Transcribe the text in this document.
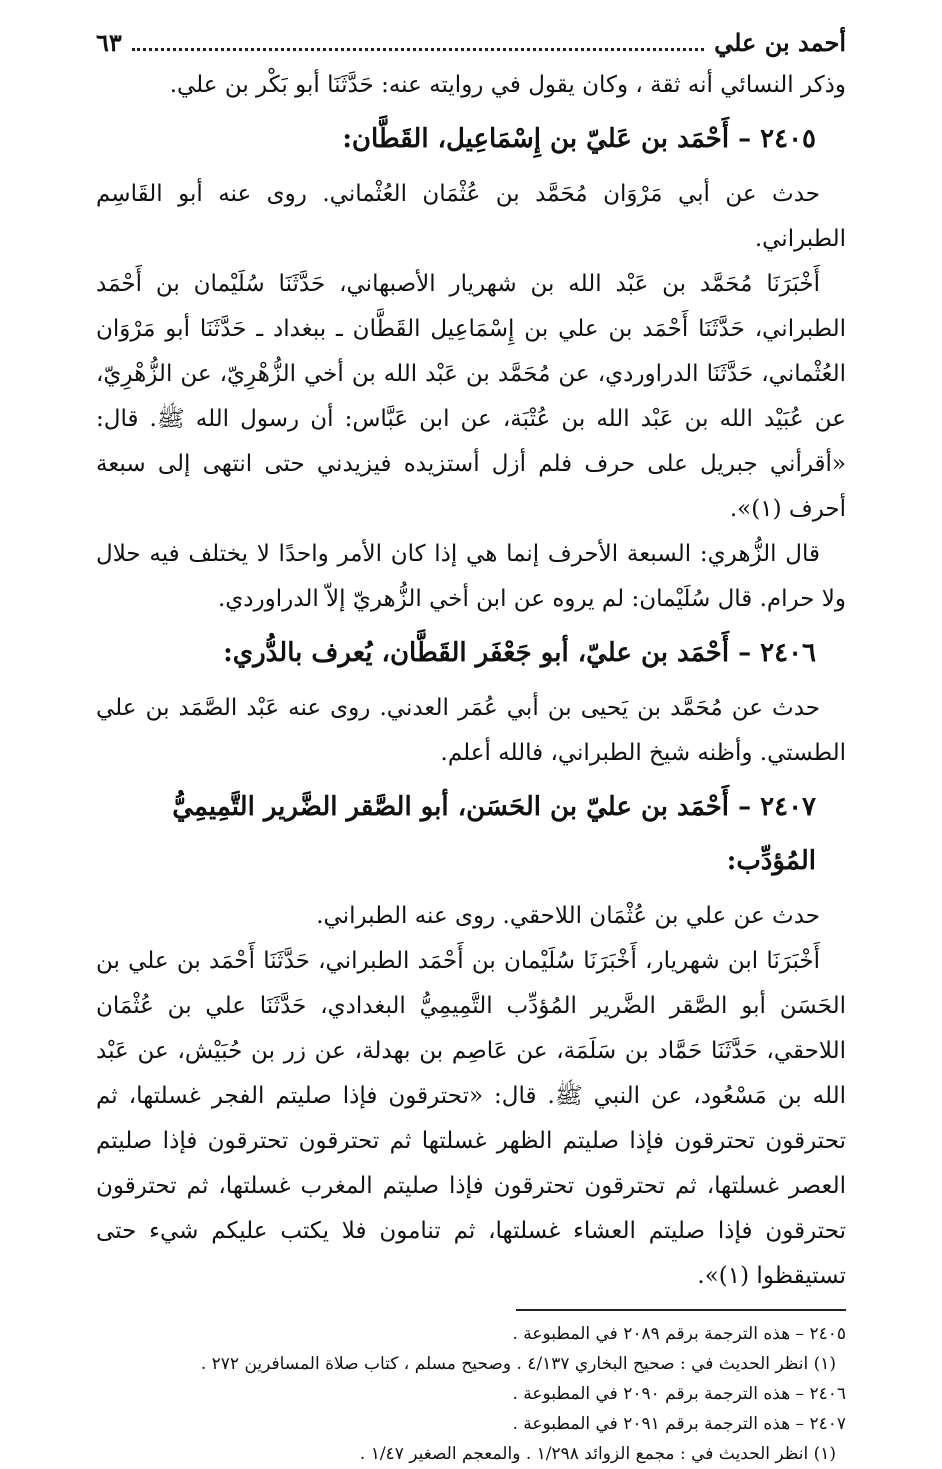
أحمد بن علي
٦٣

وذكر النسائي أنه ثقة ، وكان يقول في روايته عنه: حَدَّثَنَا أبو بَكْر بن علي.

٢٤٠٥ – أَحْمَد بن عَليّ بن إِسْمَاعِيل، القَطَّان:

حدث عن أبي مَرْوَان مُحَمَّد بن عُثْمَان العُثْماني. روى عنه أبو القَاسِم الطبراني.

أَخْبَرَنَا مُحَمَّد بن عَبْد الله بن شهريار الأصبهاني، حَدَّثَنَا سُلَيْمان بن أَحْمَد الطبراني، حَدَّثَنَا أَحْمَد بن علي بن إِسْمَاعِيل القَطَّان ـ ببغداد ـ حَدَّثَنَا أبو مَرْوَان العُثْماني، حَدَّثَنَا الدراوردي، عن مُحَمَّد بن عَبْد الله بن أخي الزُّهْرِيّ، عن الزُّهْرِيّ، عن عُبَيْد الله بن عَبْد الله بن عُتْبَة، عن ابن عَبَّاس: أن رسول الله ﷺ. قال: «أقرأني جبريل على حرف فلم أزل أستزيده فيزيدني حتى انتهى إلى سبعة أحرف (١)».

قال الزُّهري: السبعة الأحرف إنما هي إذا كان الأمر واحدًا لا يختلف فيه حلال ولا حرام. قال سُلَيْمان: لم يروه عن ابن أخي الزُّهريّ إلاّ الدراوردي.

٢٤٠٦ – أَحْمَد بن عليّ، أبو جَعْفَر القَطَّان، يُعرف بالدُّري:

حدث عن مُحَمَّد بن يَحيى بن أبي عُمَر العدني. روى عنه عَبْد الصَّمَد بن علي الطستي. وأظنه شيخ الطبراني، فالله أعلم.

٢٤٠٧ – أَحْمَد بن عليّ بن الحَسَن، أبو الصَّقر الضَّرير التَّمِيمِيُّ المُؤدِّب:

حدث عن علي بن عُثْمَان اللاحقي. روى عنه الطبراني.

أَخْبَرَنَا ابن شهريار، أَخْبَرَنَا سُلَيْمان بن أَحْمَد الطبراني، حَدَّثَنَا أَحْمَد بن علي بن الحَسَن أبو الصَّقر الضَّرير المُؤدِّب التَّمِيمِيُّ البغدادي، حَدَّثَنَا علي بن عُثْمَان اللاحقي، حَدَّثَنَا حَمَّاد بن سَلَمَة، عن عَاصِم بن بهدلة، عن زر بن حُبَيْش، عن عَبْد الله بن مَسْعُود، عن النبي ﷺ. قال: «تحترقون فإذا صليتم الفجر غسلتها، ثم تحترقون تحترقون فإذا صليتم الظهر غسلتها ثم تحترقون تحترقون فإذا صليتم العصر غسلتها، ثم تحترقون تحترقون فإذا صليتم المغرب غسلتها، ثم تحترقون تحترقون فإذا صليتم العشاء غسلتها، ثم تنامون فلا يكتب عليكم شيء حتى تستيقظوا (١)».

٢٤٠٥ – هذه الترجمة برقم ٢٠٨٩ في المطبوعة .

(١) انظر الحديث في : صحيح البخاري ٤/١٣٧ . وصحيح مسلم ، كتاب صلاة المسافرين ٢٧٢ .

٢٤٠٦ – هذه الترجمة برقم ٢٠٩٠ في المطبوعة .

٢٤٠٧ – هذه الترجمة برقم ٢٠٩١ في المطبوعة .

(١) انظر الحديث في : مجمع الزوائد ١/٢٩٨ . والمعجم الصغير ١/٤٧ .
